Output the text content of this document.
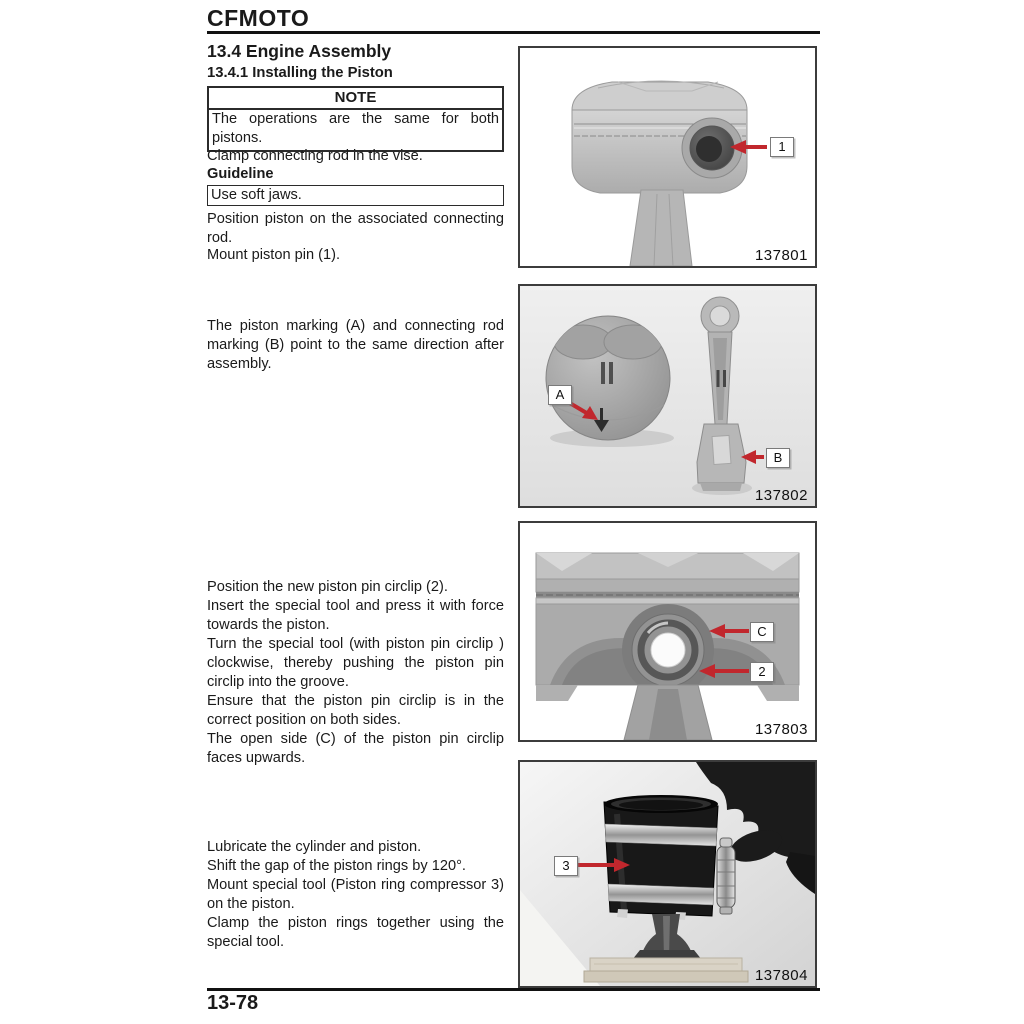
CFMOTO
13.4 Engine Assembly
13.4.1 Installing the Piston
NOTE
The operations are the same for both pistons.
Clamp connecting rod in the vise.
Guideline
Use soft jaws.
Position piston on the associated connecting rod.
Mount piston pin (1).
The piston marking (A) and connecting rod marking (B) point to the same direction after assembly.
Position the new piston pin circlip (2).
Insert the special tool and press it with force towards the piston.
Turn the special tool (with piston pin circlip ) clockwise, thereby pushing the piston pin circlip into the groove.
Ensure that the piston pin circlip is in the correct position on both sides.
The open side (C) of the piston pin circlip faces upwards.
Lubricate the cylinder and piston.
Shift the gap of the piston rings by 120°.
Mount special tool (Piston ring compressor 3) on the piston.
Clamp the piston rings together using the special tool.
1
137801
A
B
137802
C
2
137803
3
137804
13-78
